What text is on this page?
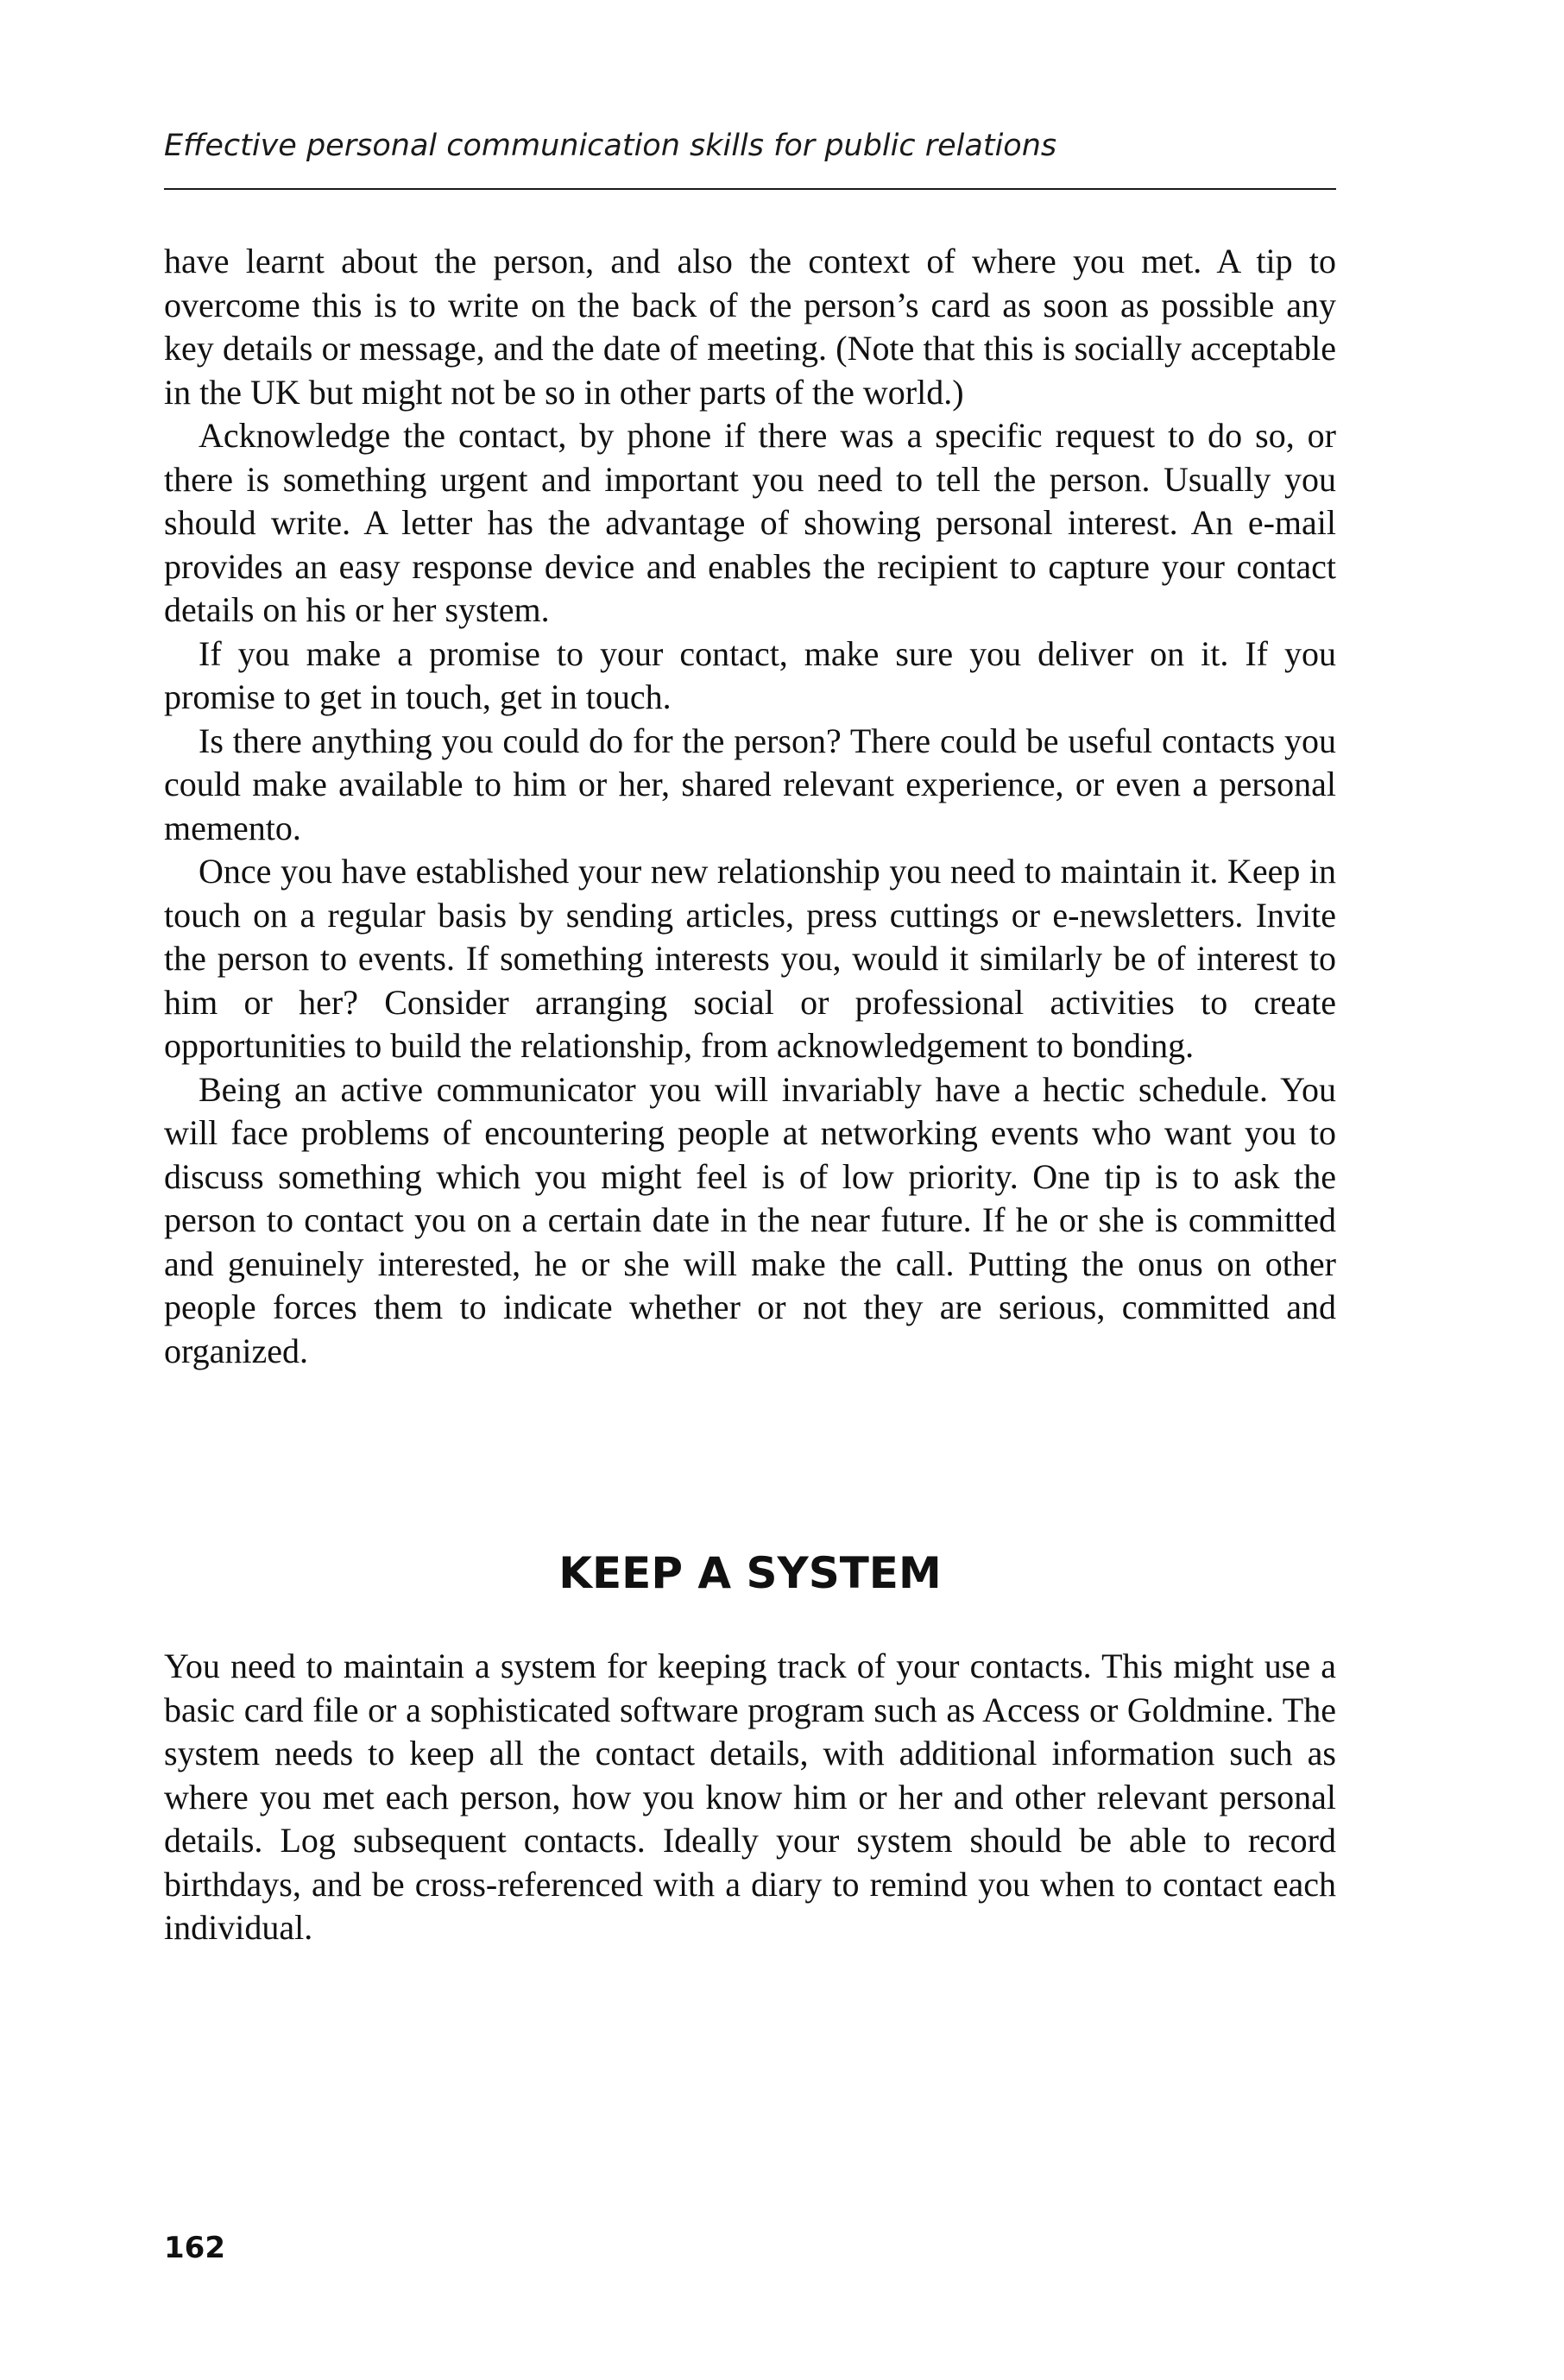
Effective personal communication skills for public relations

have learnt about the person, and also the context of where you met. A tip to overcome this is to write on the back of the person’s card as soon as possible any key details or message, and the date of meeting. (Note that this is socially acceptable in the UK but might not be so in other parts of the world.)

Acknowledge the contact, by phone if there was a specific request to do so, or there is something urgent and important you need to tell the person. Usually you should write. A letter has the advantage of showing personal interest. An e-mail provides an easy response device and enables the recipient to capture your contact details on his or her system.

If you make a promise to your contact, make sure you deliver on it. If you promise to get in touch, get in touch.

Is there anything you could do for the person? There could be useful contacts you could make available to him or her, shared relevant experience, or even a personal memento.

Once you have established your new relationship you need to maintain it. Keep in touch on a regular basis by sending articles, press cuttings or e-newsletters. Invite the person to events. If something interests you, would it similarly be of interest to him or her? Consider arranging social or professional activities to create opportunities to build the relationship, from acknowledgement to bonding.

Being an active communicator you will invariably have a hectic schedule. You will face problems of encountering people at networking events who want you to discuss something which you might feel is of low priority. One tip is to ask the person to contact you on a certain date in the near future. If he or she is committed and genuinely interested, he or she will make the call. Putting the onus on other people forces them to indicate whether or not they are serious, committed and organized.

KEEP A SYSTEM

You need to maintain a system for keeping track of your contacts. This might use a basic card file or a sophisticated software program such as Access or Goldmine. The system needs to keep all the contact details, with additional information such as where you met each person, how you know him or her and other relevant personal details. Log subsequent contacts. Ideally your system should be able to record birthdays, and be cross-referenced with a diary to remind you when to contact each individual.

162
